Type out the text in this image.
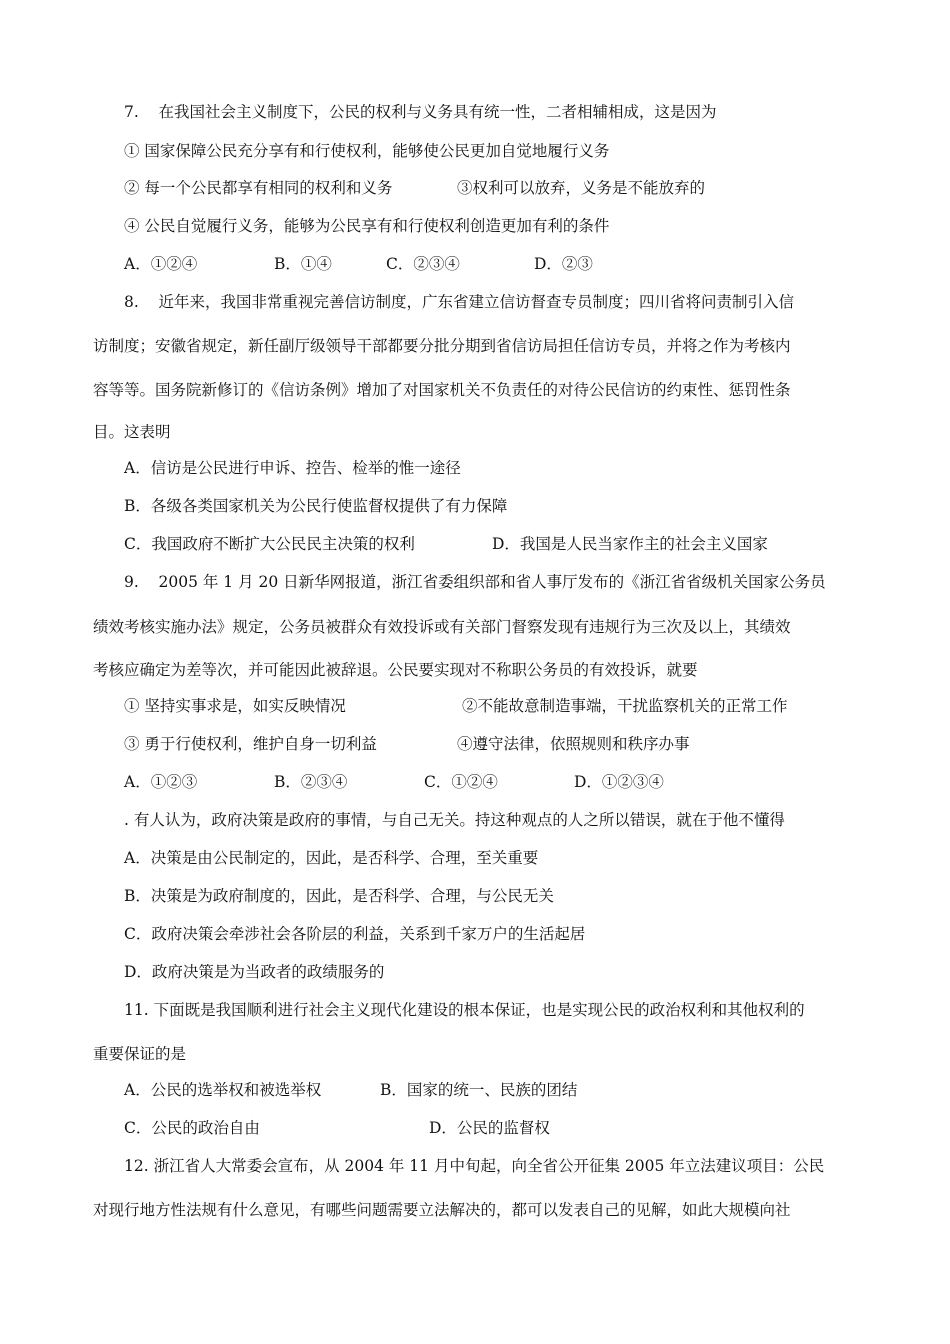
7.    在我国社会主义制度下，公民的权利与义务具有统一性，二者相辅相成，这是因为
① 国家保障公民充分享有和行使权利，能够使公民更加自觉地履行义务
② 每一个公民都享有相同的权利和义务	③权利可以放弃，义务是不能放弃的
④ 公民自觉履行义务，能够为公民享有和行使权利创造更加有利的条件
A．①②④	B．①④	C．②③④	D．②③
8.    近年来，我国非常重视完善信访制度，广东省建立信访督查专员制度；四川省将问责制引入信
访制度；安徽省规定，新任副厅级领导干部都要分批分期到省信访局担任信访专员，并将之作为考核内
容等等。国务院新修订的《信访条例》增加了对国家机关不负责任的对待公民信访的约束性、惩罚性条
目。这表明
A．信访是公民进行申诉、控告、检举的惟一途径
B．各级各类国家机关为公民行使监督权提供了有力保障
C．我国政府不断扩大公民民主决策的权利	D．我国是人民当家作主的社会主义国家
9.    2005 年 1 月 20 日新华网报道，浙江省委组织部和省人事厅发布的《浙江省省级机关国家公务员
绩效考核实施办法》规定，公务员被群众有效投诉或有关部门督察发现有违规行为三次及以上，其绩效
考核应确定为差等次，并可能因此被辞退。公民要实现对不称职公务员的有效投诉，就要
① 坚持实事求是，如实反映情况	②不能故意制造事端，干扰监察机关的正常工作
③ 勇于行使权利，维护自身一切利益	④遵守法律，依照规则和秩序办事
A．①②③	B．②③④	C．①②④	D．①②③④
. 有人认为，政府决策是政府的事情，与自己无关。持这种观点的人之所以错误，就在于他不懂得
A．决策是由公民制定的，因此，是否科学、合理，至关重要
B．决策是为政府制度的，因此，是否科学、合理，与公民无关
C．政府决策会牵涉社会各阶层的利益，关系到千家万户的生活起居
D．政府决策是为当政者的政绩服务的
11. 下面既是我国顺利进行社会主义现代化建设的根本保证，也是实现公民的政治权利和其他权利的
重要保证的是
A．公民的选举权和被选举权	B．国家的统一、民族的团结
C．公民的政治自由	D．公民的监督权
12. 浙江省人大常委会宣布，从 2004 年 11 月中旬起，向全省公开征集 2005 年立法建议项目：公民
对现行地方性法规有什么意见，有哪些问题需要立法解决的，都可以发表自己的见解，如此大规模向社
